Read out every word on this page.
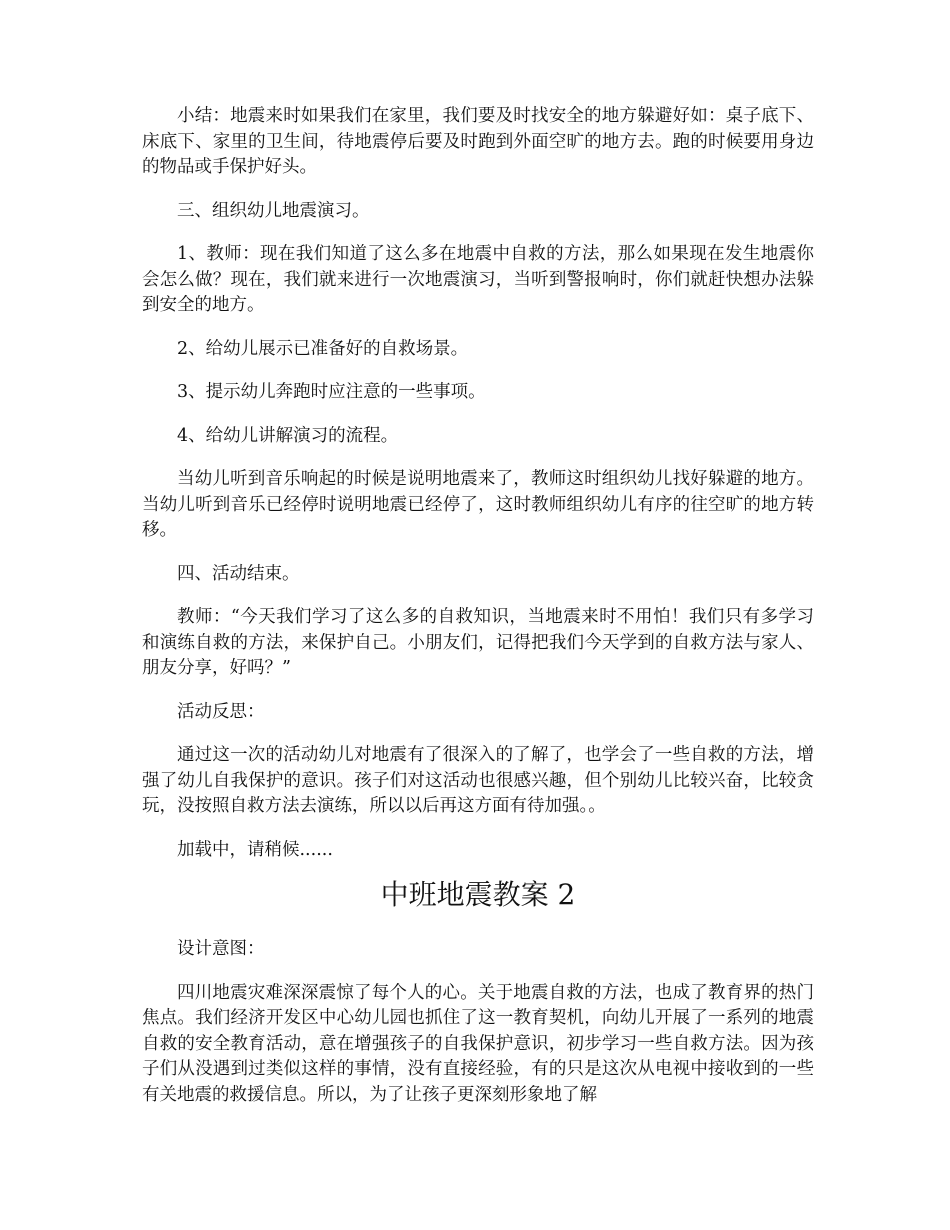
小结：地震来时如果我们在家里，我们要及时找安全的地方躲避好如：桌子底下、床底下、家里的卫生间，待地震停后要及时跑到外面空旷的地方去。跑的时候要用身边的物品或手保护好头。

三、组织幼儿地震演习。

1、教师：现在我们知道了这么多在地震中自救的方法，那么如果现在发生地震你会怎么做？现在，我们就来进行一次地震演习，当听到警报响时，你们就赶快想办法躲到安全的地方。

2、给幼儿展示已准备好的自救场景。

3、提示幼儿奔跑时应注意的一些事项。

4、给幼儿讲解演习的流程。

当幼儿听到音乐响起的时候是说明地震来了，教师这时组织幼儿找好躲避的地方。当幼儿听到音乐已经停时说明地震已经停了，这时教师组织幼儿有序的往空旷的地方转移。

四、活动结束。

教师：“今天我们学习了这么多的自救知识，当地震来时不用怕！我们只有多学习和演练自救的方法，来保护自己。小朋友们，记得把我们今天学到的自救方法与家人、朋友分享，好吗？”

活动反思：

通过这一次的活动幼儿对地震有了很深入的了解了，也学会了一些自救的方法，增强了幼儿自我保护的意识。孩子们对这活动也很感兴趣，但个别幼儿比较兴奋，比较贪玩，没按照自救方法去演练，所以以后再这方面有待加强。。

加载中，请稍候......

中班地震教案 2

设计意图：

四川地震灾难深深震惊了每个人的心。关于地震自救的方法，也成了教育界的热门焦点。我们经济开发区中心幼儿园也抓住了这一教育契机，向幼儿开展了一系列的地震自救的安全教育活动，意在增强孩子的自我保护意识，初步学习一些自救方法。因为孩子们从没遇到过类似这样的事情，没有直接经验，有的只是这次从电视中接收到的一些有关地震的救援信息。所以，为了让孩子更深刻形象地了解
